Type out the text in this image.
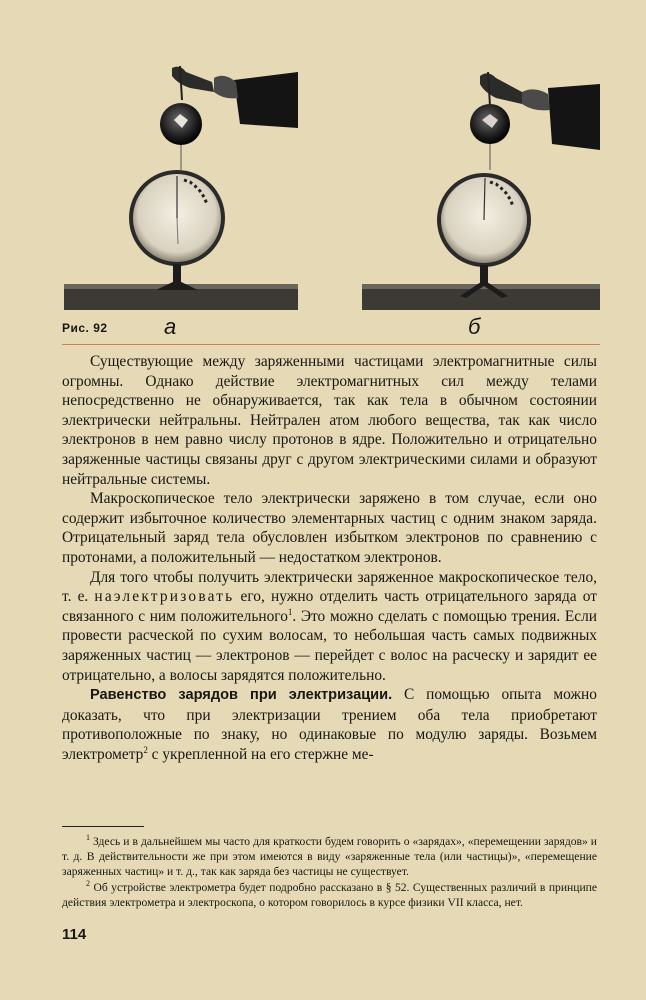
Рис. 92	а	б

Существующие между заряженными частицами электромагнитные силы огромны. Однако действие электромагнитных сил между телами непосредственно не обнаруживается, так как тела в обычном состоянии электрически нейтральны. Нейтрален атом любого вещества, так как число электронов в нем равно числу протонов в ядре. Положительно и отрицательно заряженные частицы связаны друг с другом электрическими силами и образуют нейтральные системы.

Макроскопическое тело электрически заряжено в том случае, если оно содержит избыточное количество элементарных частиц с одним знаком заряда. Отрицательный заряд тела обусловлен избытком электронов по сравнению с протонами, а положительный — недостатком электронов.

Для того чтобы получить электрически заряженное макроскопическое тело, т. е. наэлектризовать его, нужно отделить часть отрицательного заряда от связанного с ним положительного$^1$. Это можно сделать с помощью трения. Если провести расческой по сухим волосам, то небольшая часть самых подвижных заряженных частиц — электронов — перейдет с волос на расческу и зарядит ее отрицательно, а волосы зарядятся положительно.

Равенство зарядов при электризации. С помощью опыта можно доказать, что при электризации трением оба тела приобретают противоположные по знаку, но одинаковые по модулю заряды. Возьмем электрометр$^2$ с укрепленной на его стержне ме-

$^1$ Здесь и в дальнейшем мы часто для краткости будем говорить о «зарядах», «перемещении зарядов» и т. д. В действительности же при этом имеются в виду «заряженные тела (или частицы)», «перемещение заряженных частиц» и т. д., так как заряда без частицы не существует.

$^2$ Об устройстве электрометра будет подробно рассказано в § 52. Существенных различий в принципе действия электрометра и электроскопа, о котором говорилось в курсе физики VII класса, нет.

114
